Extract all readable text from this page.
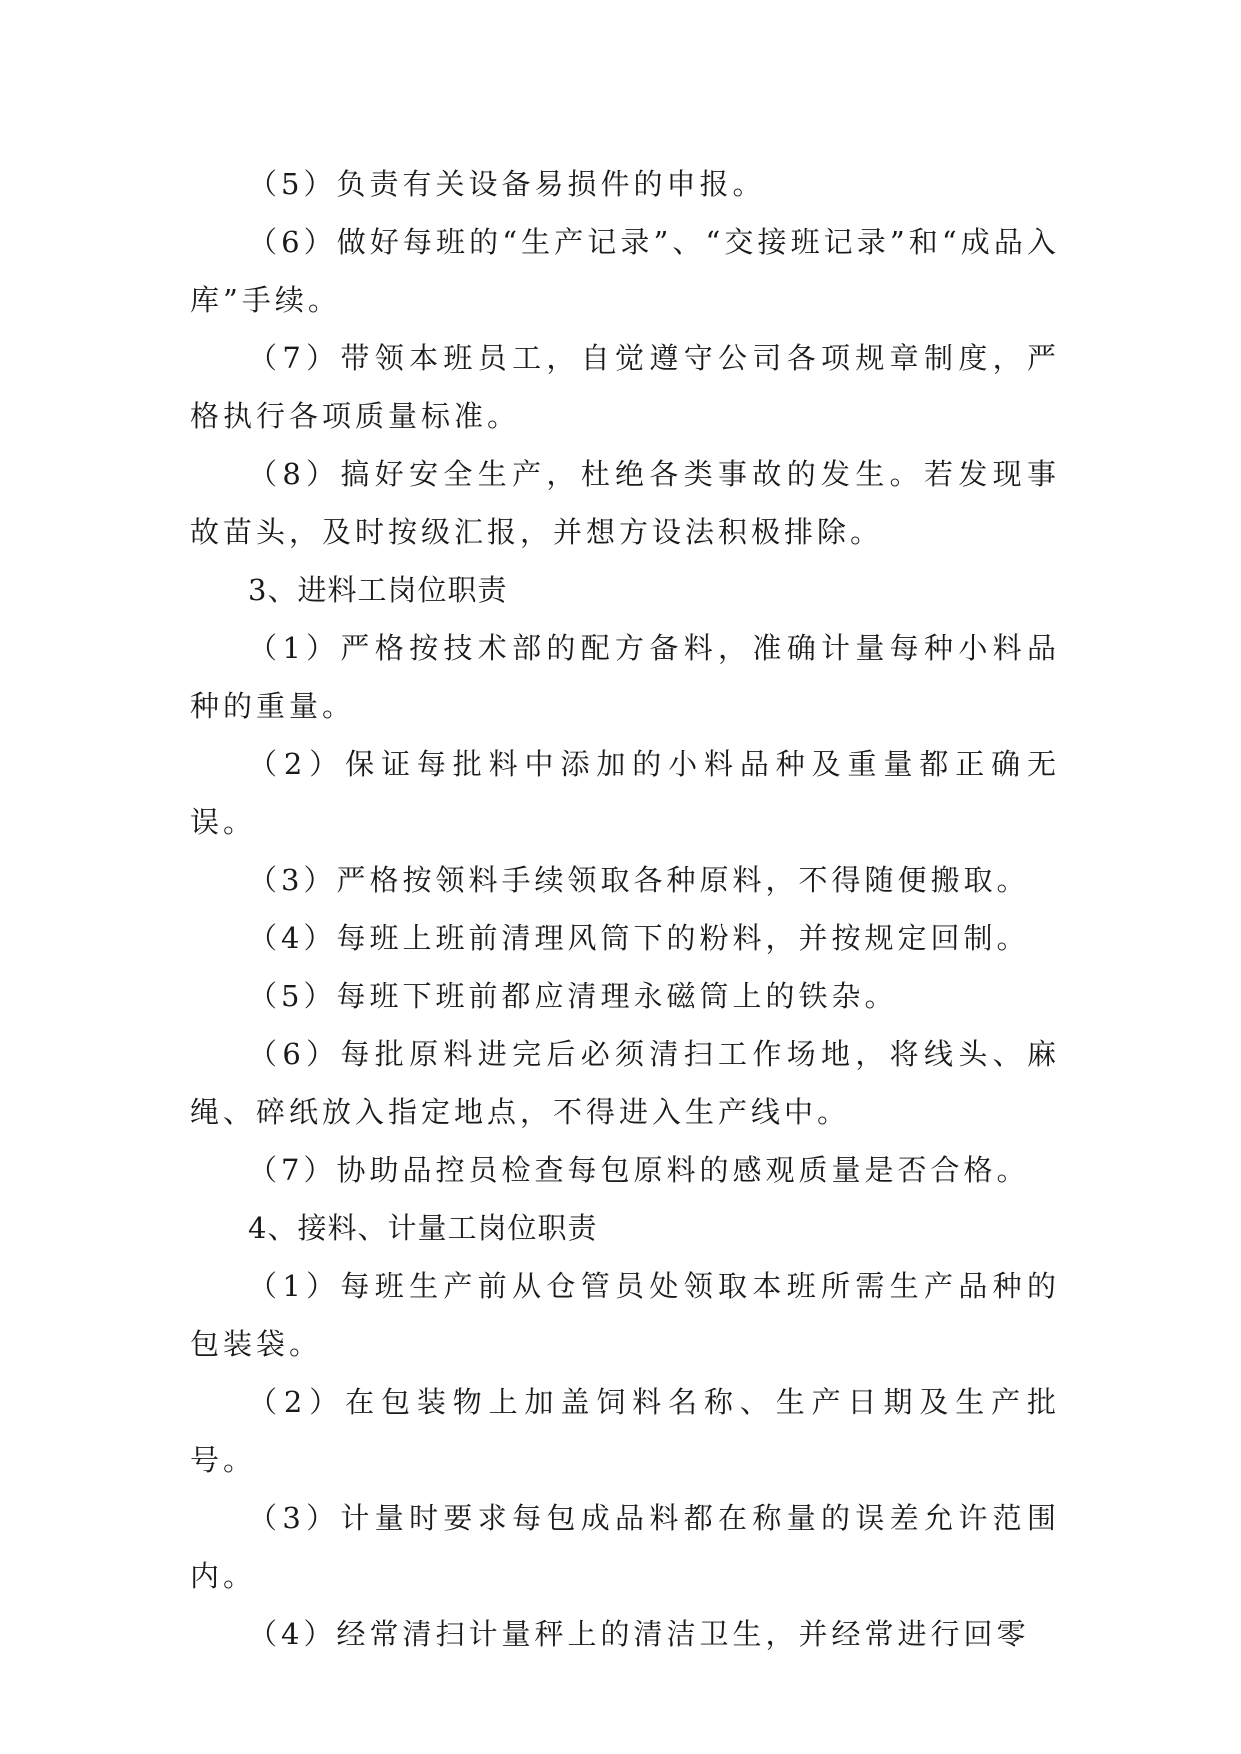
（5）负责有关设备易损件的申报。

（6）做好每班的“生产记录”、“交接班记录”和“成品入库”手续。

（7）带领本班员工，自觉遵守公司各项规章制度，严格执行各项质量标准。

（8）搞好安全生产，杜绝各类事故的发生。若发现事故苗头，及时按级汇报，并想方设法积极排除。

3、进料工岗位职责

（1）严格按技术部的配方备料，准确计量每种小料品种的重量。

（2）保证每批料中添加的小料品种及重量都正确无误。

（3）严格按领料手续领取各种原料，不得随便搬取。

（4）每班上班前清理风筒下的粉料，并按规定回制。

（5）每班下班前都应清理永磁筒上的铁杂。

（6）每批原料进完后必须清扫工作场地，将线头、麻绳、碎纸放入指定地点，不得进入生产线中。

（7）协助品控员检查每包原料的感观质量是否合格。

4、接料、计量工岗位职责

（1）每班生产前从仓管员处领取本班所需生产品种的包装袋。

（2）在包装物上加盖饲料名称、生产日期及生产批号。

（3）计量时要求每包成品料都在称量的误差允许范围内。

（4）经常清扫计量秤上的清洁卫生，并经常进行回零
